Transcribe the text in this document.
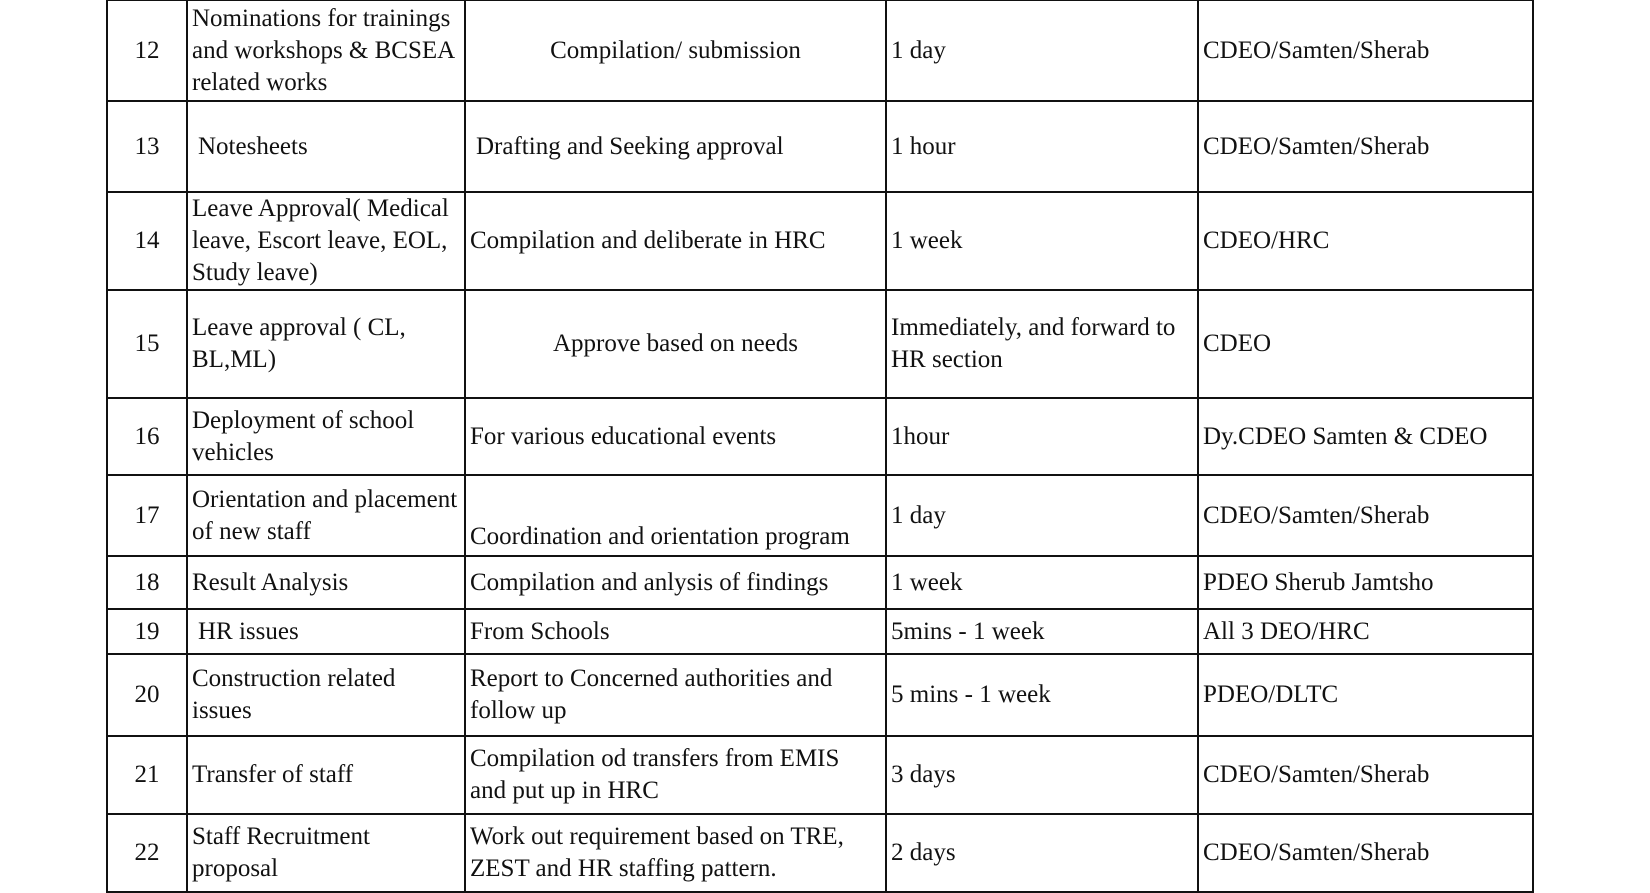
12	Nominations for trainings and workshops & BCSEA related works	Compilation/ submission	1 day	CDEO/Samten/Sherab
13	Notesheets	Drafting and Seeking approval	1 hour	CDEO/Samten/Sherab
14	Leave Approval( Medical leave, Escort leave, EOL, Study leave)	Compilation and deliberate in HRC	1 week	CDEO/HRC
15	Leave approval ( CL, BL,ML)	Approve based on needs	Immediately, and forward to HR section	CDEO
16	Deployment of school vehicles	For various educational events	1hour	Dy.CDEO Samten & CDEO
17	Orientation and placement of new staff	Coordination and orientation program	1 day	CDEO/Samten/Sherab
18	Result Analysis	Compilation and anlysis of findings	1 week	PDEO Sherub Jamtsho
19	HR issues	From Schools	5mins - 1 week	All 3 DEO/HRC
20	Construction related issues	Report to Concerned authorities and follow up	5 mins - 1 week	PDEO/DLTC
21	Transfer of staff	Compilation od transfers from EMIS and put up in HRC	3 days	CDEO/Samten/Sherab
22	Staff Recruitment proposal	Work out requirement based on TRE, ZEST and HR staffing pattern.	2 days	CDEO/Samten/Sherab
